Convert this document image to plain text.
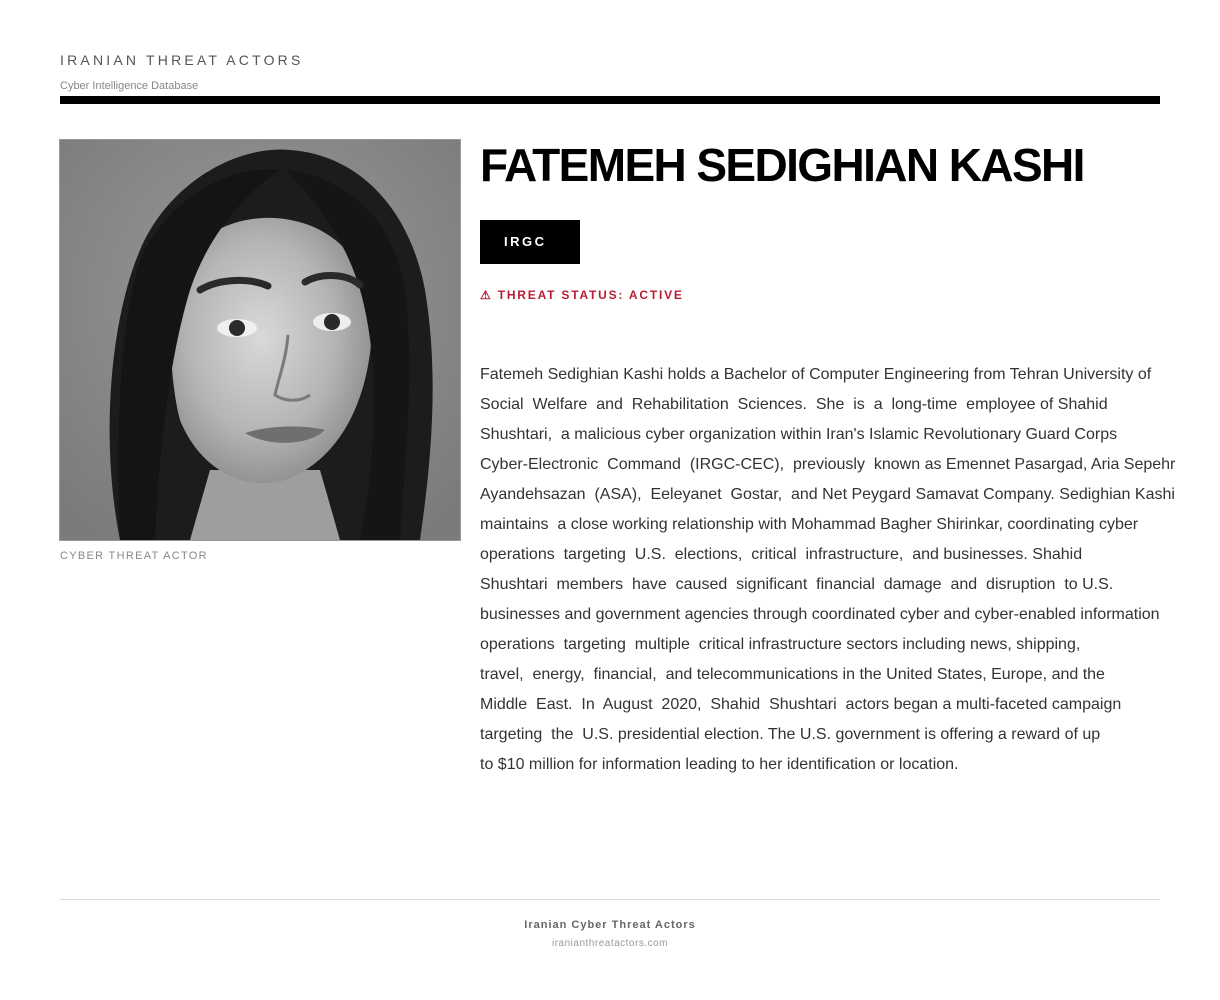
IRANIAN THREAT ACTORS
Cyber Intelligence Database
CYBER THREAT ACTOR
FATEMEH SEDIGHIAN KASHI
IRGC
⚠ THREAT STATUS: ACTIVE
Fatemeh Sedighian Kashi holds a Bachelor of Computer Engineering from Tehran University of
Social  Welfare  and  Rehabilitation  Sciences.  She  is  a  long-time  employee of Shahid
Shushtari,  a malicious cyber organization within Iran's Islamic Revolutionary Guard Corps
Cyber-Electronic  Command  (IRGC-CEC),  previously  known as Emennet Pasargad, Aria Sepehr
Ayandehsazan  (ASA),  Eeleyanet  Gostar,  and Net Peygard Samavat Company. Sedighian Kashi
maintains  a close working relationship with Mohammad Bagher Shirinkar, coordinating cyber
operations  targeting  U.S.  elections,  critical  infrastructure,  and businesses. Shahid
Shushtari  members  have  caused  significant  financial  damage  and  disruption  to U.S.
businesses and government agencies through coordinated cyber and cyber-enabled information
operations  targeting  multiple  critical infrastructure sectors including news, shipping,
travel,  energy,  financial,  and telecommunications in the United States, Europe, and the
Middle  East.  In  August  2020,  Shahid  Shushtari  actors began a multi-faceted campaign
targeting  the  U.S. presidential election. The U.S. government is offering a reward of up
to $10 million for information leading to her identification or location.
Iranian Cyber Threat Actors
iranianthreatactors.com
